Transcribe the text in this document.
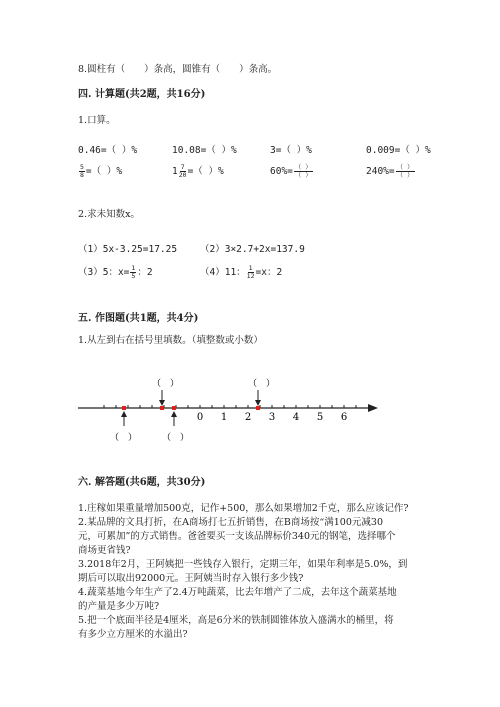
8.圆柱有（　　）条高，圆锥有（　　）条高。
四. 计算题(共2题，共16分)
1.口算。
0.46=（ ）%	10.08=（ ）%	3=（ ）%	0.009=（ ）%
$\frac{5}{8}$ =（ ）%	$1 \frac{7}{20}$ =（ ）%	$60\%= \frac{( )}{( )}$	$240\%= \frac{( )}{( )}$
2.求未知数x。
（1）5x-3.25=17.25 （2）3×2.7+2x=137.9
（3）5：$x= \frac{1}{5}$ ：2	（4）11： $\frac{1}{12} =x$：2
五. 作图题(共1题，共4分)
1.从左到右在括号里填数。（填整数或小数）
（　）	（　）
（　）	（　）
0 1 2 3 4 5 6
六. 解答题(共6题，共30分)
1.庄稼如果重量增加500克，记作+500，那么如果增加2千克，那么应该记作?
2.某品牌的文具打折，在A商场打七五折销售，在B商场按“满100元减30
元，可累加”的方式销售。爸爸要买一支该品牌标价340元的钢笔，选择哪个
商场更省钱?
3.2018年2月，王阿姨把一些钱存入银行，定期三年，如果年利率是5.0%，到
期后可以取出92000元。王阿姨当时存入银行多少钱?
4.蔬菜基地今年生产了2.4万吨蔬菜，比去年增产了二成，去年这个蔬菜基地
的产量是多少万吨?
5.把一个底面半径是4厘米，高是6分米的铁制圆锥体放入盛满水的桶里，将
有多少立方厘米的水溢出?
